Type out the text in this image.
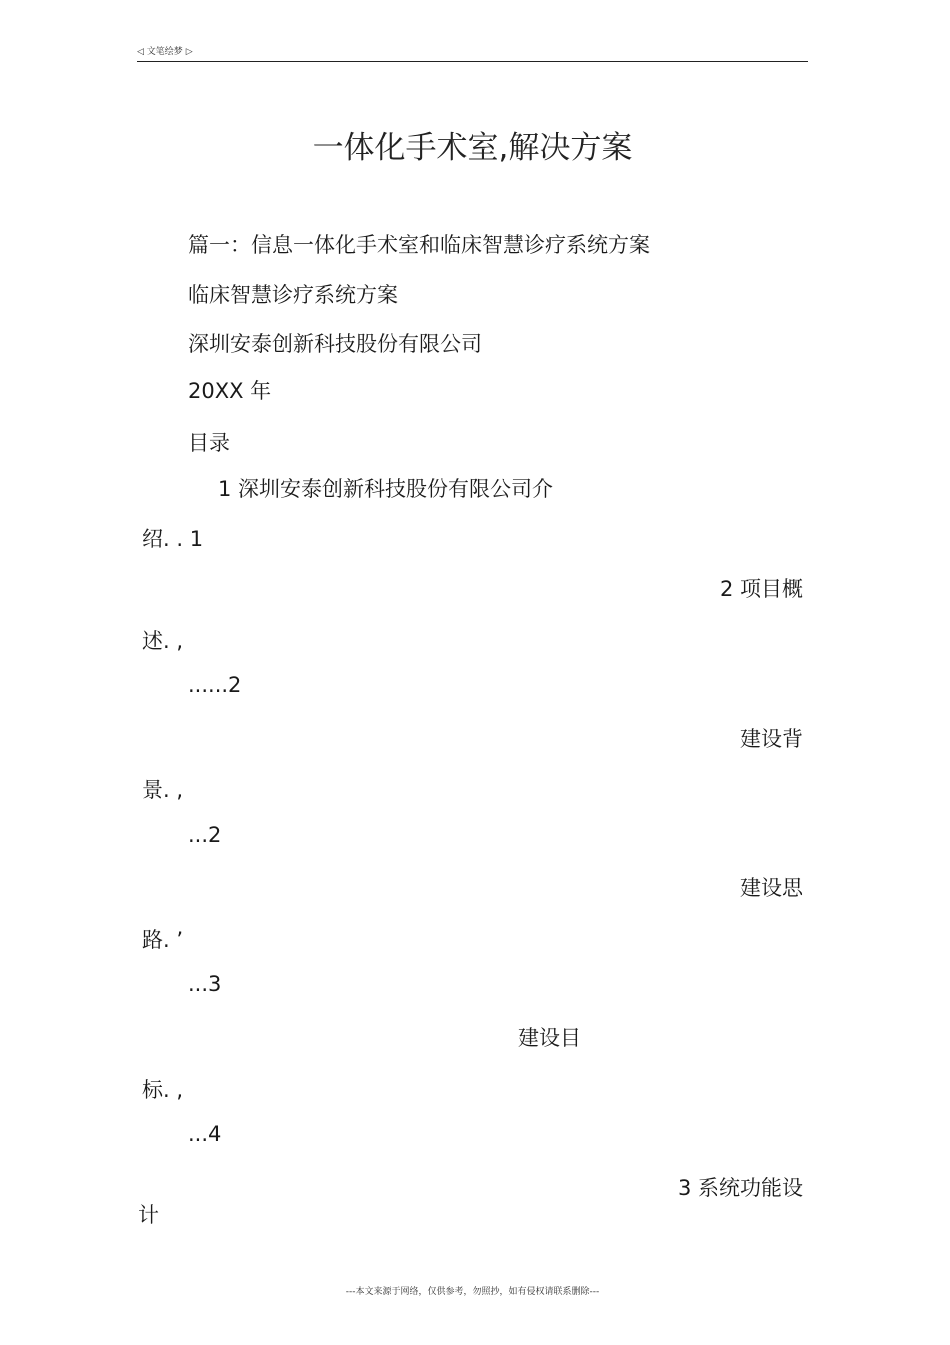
◁ 文笔绘梦 ▷
一体化手术室,解决方案
篇一：信息一体化手术室和临床智慧诊疗系统方案
临床智慧诊疗系统方案
深圳安泰创新科技股份有限公司
20XX 年
目录
1 深圳安泰创新科技股份有限公司介
绍. . 1
2 项目概
述. ,
......2
建设背
景. ,
...2
建设思
路. ’
...3
建设目
标. ,
...4
3 系统功能设
计
---本文来源于网络，仅供参考，勿照抄，如有侵权请联系删除---
